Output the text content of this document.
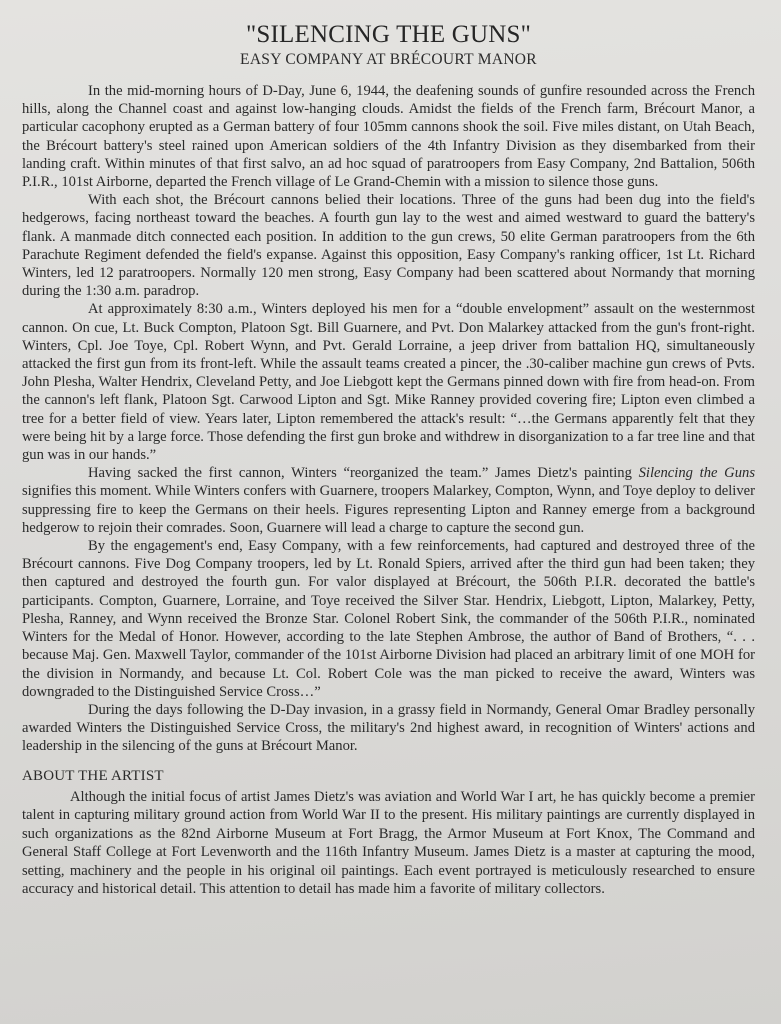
"SILENCING THE GUNS"
EASY COMPANY AT BRÉCOURT MANOR

In the mid-morning hours of D-Day, June 6, 1944, the deafening sounds of gunfire resounded across the French hills, along the Channel coast and against low-hanging clouds. Amidst the fields of the French farm, Brécourt Manor, a particular cacophony erupted as a German battery of four 105mm cannons shook the soil. Five miles distant, on Utah Beach, the Brécourt battery's steel rained upon American soldiers of the 4th Infantry Division as they disembarked from their landing craft. Within minutes of that first salvo, an ad hoc squad of paratroopers from Easy Company, 2nd Battalion, 506th P.I.R., 101st Airborne, departed the French village of Le Grand-Chemin with a mission to silence those guns.

With each shot, the Brécourt cannons belied their locations. Three of the guns had been dug into the field's hedgerows, facing northeast toward the beaches. A fourth gun lay to the west and aimed westward to guard the battery's flank. A manmade ditch connected each position. In addition to the gun crews, 50 elite German paratroopers from the 6th Parachute Regiment defended the field's expanse. Against this opposition, Easy Company's ranking officer, 1st Lt. Richard Winters, led 12 paratroopers. Normally 120 men strong, Easy Company had been scattered about Normandy that morning during the 1:30 a.m. paradrop.

At approximately 8:30 a.m., Winters deployed his men for a “double envelopment” assault on the westernmost cannon. On cue, Lt. Buck Compton, Platoon Sgt. Bill Guarnere, and Pvt. Don Malarkey attacked from the gun's front-right. Winters, Cpl. Joe Toye, Cpl. Robert Wynn, and Pvt. Gerald Lorraine, a jeep driver from battalion HQ, simultaneously attacked the first gun from its front-left. While the assault teams created a pincer, the .30-caliber machine gun crews of Pvts. John Plesha, Walter Hendrix, Cleveland Petty, and Joe Liebgott kept the Germans pinned down with fire from head-on. From the cannon's left flank, Platoon Sgt. Carwood Lipton and Sgt. Mike Ranney provided covering fire; Lipton even climbed a tree for a better field of view. Years later, Lipton remembered the attack's result: “…the Germans apparently felt that they were being hit by a large force. Those defending the first gun broke and withdrew in disorganization to a far tree line and that gun was in our hands.”

Having sacked the first cannon, Winters “reorganized the team.” James Dietz's painting Silencing the Guns signifies this moment. While Winters confers with Guarnere, troopers Malarkey, Compton, Wynn, and Toye deploy to deliver suppressing fire to keep the Germans on their heels. Figures representing Lipton and Ranney emerge from a background hedgerow to rejoin their comrades. Soon, Guarnere will lead a charge to capture the second gun.

By the engagement's end, Easy Company, with a few reinforcements, had captured and destroyed three of the Brécourt cannons. Five Dog Company troopers, led by Lt. Ronald Spiers, arrived after the third gun had been taken; they then captured and destroyed the fourth gun. For valor displayed at Brécourt, the 506th P.I.R. decorated the battle's participants. Compton, Guarnere, Lorraine, and Toye received the Silver Star. Hendrix, Liebgott, Lipton, Malarkey, Petty, Plesha, Ranney, and Wynn received the Bronze Star. Colonel Robert Sink, the commander of the 506th P.I.R., nominated Winters for the Medal of Honor. However, according to the late Stephen Ambrose, the author of Band of Brothers, “. . . because Maj. Gen. Maxwell Taylor, commander of the 101st Airborne Division had placed an arbitrary limit of one MOH for the division in Normandy, and because Lt. Col. Robert Cole was the man picked to receive the award, Winters was downgraded to the Distinguished Service Cross…”

During the days following the D-Day invasion, in a grassy field in Normandy, General Omar Bradley personally awarded Winters the Distinguished Service Cross, the military's 2nd highest award, in recognition of Winters' actions and leadership in the silencing of the guns at Brécourt Manor.

ABOUT THE ARTIST

Although the initial focus of artist James Dietz's was aviation and World War I art, he has quickly become a premier talent in capturing military ground action from World War II to the present. His military paintings are currently displayed in such organizations as the 82nd Airborne Museum at Fort Bragg, the Armor Museum at Fort Knox, The Command and General Staff College at Fort Levenworth and the 116th Infantry Museum. James Dietz is a master at capturing the mood, setting, machinery and the people in his original oil paintings. Each event portrayed is meticulously researched to ensure accuracy and historical detail. This attention to detail has made him a favorite of military collectors.
